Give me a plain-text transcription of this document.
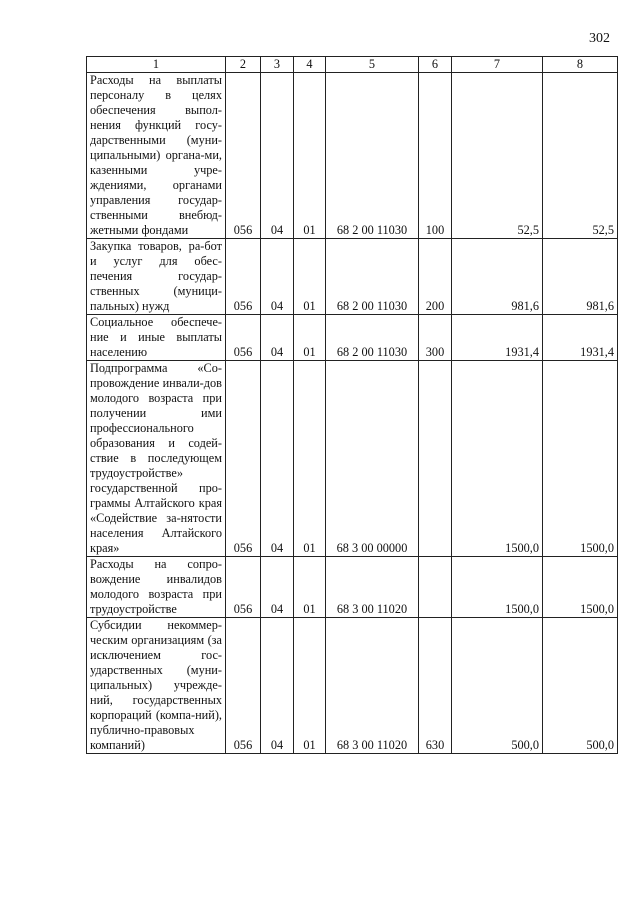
302
1	2	3	4	5	6	7	8
Расходы на выплаты персоналу в целях обеспечения выпол-нения функций госу-дарственными (муни-ципальными) органа-ми, казенными учре-ждениями, органами управления государ-ственными внебюд-жетными фондами	056	04	01	68 2 00 11030	100	52,5	52,5
Закупка товаров, ра-бот и услуг для обес-печения государ-ственных (муници-пальных) нужд	056	04	01	68 2 00 11030	200	981,6	981,6
Социальное обеспече-ние и иные выплаты населению	056	04	01	68 2 00 11030	300	1931,4	1931,4
Подпрограмма «Со-провождение инвали-дов молодого возраста при получении ими профессионального образования и содей-ствие в последующем трудоустройстве» государственной про-граммы Алтайского края «Содействие за-нятости населения Алтайского края»	056	04	01	68 3 00 00000		1500,0	1500,0
Расходы на сопро-вождение инвалидов молодого возраста при трудоустройстве	056	04	01	68 3 00 11020		1500,0	1500,0
Субсидии некоммер-ческим организациям (за исключением гос-ударственных (муни-ципальных) учрежде-ний, государственных корпораций (компа-ний), публично-правовых компаний)	056	04	01	68 3 00 11020	630	500,0	500,0
